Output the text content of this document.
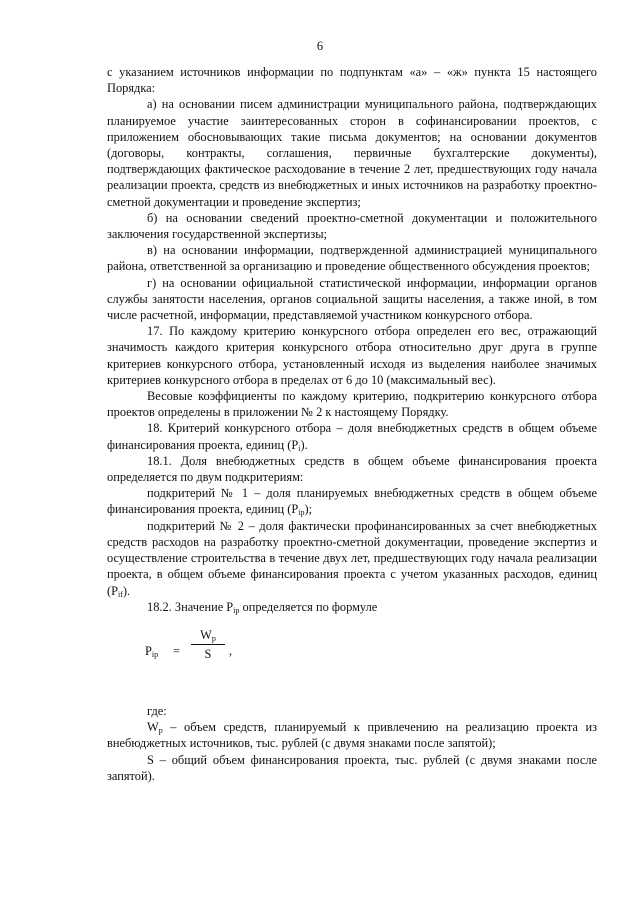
6

с указанием источников информации по подпунктам «а» – «ж» пункта 15 настоящего Порядка:

а) на основании писем администрации муниципального района, подтверждающих планируемое участие заинтересованных сторон в софинансировании проектов, с приложением обосновывающих такие письма документов; на основании документов (договоры, контракты, соглашения, первичные бухгалтерские документы), подтверждающих фактическое расходование в течение 2 лет, предшествующих году начала реализации проекта, средств из внебюджетных и иных источников на разработку проектно-сметной документации и проведение экспертиз;

б) на основании сведений проектно-сметной документации и положительного заключения государственной экспертизы;

в) на основании информации, подтвержденной администрацией муниципального района, ответственной за организацию и проведение общественного обсуждения проектов;

г) на основании официальной статистической информации, информации органов службы занятости населения, органов социальной защиты населения, а также иной, в том числе расчетной, информации, представляемой участником конкурсного отбора.

17. По каждому критерию конкурсного отбора определен его вес, отражающий значимость каждого критерия конкурсного отбора относительно друг друга в группе критериев конкурсного отбора, установленный исходя из выделения наиболее значимых критериев конкурсного отбора в пределах от 6 до 10 (максимальный вес).

Весовые коэффициенты по каждому критерию, подкритерию конкурсного отбора проектов определены в приложении № 2 к настоящему Порядку.

18. Критерий конкурсного отбора – доля внебюджетных средств в общем объеме финансирования проекта, единиц $(P_i)$.

18.1. Доля внебюджетных средств в общем объеме финансирования проекта определяется по двум подкритериям:

подкритерий № 1 – доля планируемых внебюджетных средств в общем объеме финансирования проекта, единиц $(P_{ip})$;

подкритерий № 2 – доля фактически профинансированных за счет внебюджетных средств расходов на разработку проектно-сметной документации, проведение экспертиз и осуществление строительства в течение двух лет, предшествующих году начала реализации проекта, в общем объеме финансирования проекта с учетом указанных расходов, единиц $(P_{if})$.

18.2. Значение $P_{ip}$ определяется по формуле

$P_{ip} = \frac{W_p}{S}$ ,

где:

$W_p$ – объем средств, планируемый к привлечению на реализацию проекта из внебюджетных источников, тыс. рублей (с двумя знаками после запятой);

S – общий объем финансирования проекта, тыс. рублей (с двумя знаками после запятой).
